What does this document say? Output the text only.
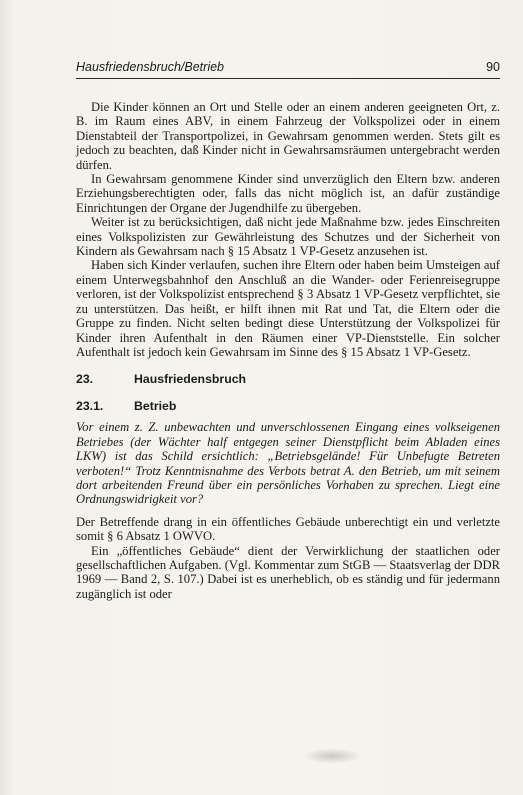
Hausfriedensbruch/Betrieb	90

Die Kinder können an Ort und Stelle oder an einem anderen geeigneten Ort, z. B. im Raum eines ABV, in einem Fahrzeug der Volkspolizei oder in einem Dienstabteil der Transportpolizei, in Gewahrsam genommen werden. Stets gilt es jedoch zu beachten, daß Kinder nicht in Gewahrsamsräumen untergebracht werden dürfen.

In Gewahrsam genommene Kinder sind unverzüglich den Eltern bzw. anderen Erziehungsberechtigten oder, falls das nicht möglich ist, an dafür zuständige Einrichtungen der Organe der Jugendhilfe zu übergeben.

Weiter ist zu berücksichtigen, daß nicht jede Maßnahme bzw. jedes Einschreiten eines Volkspolizisten zur Gewährleistung des Schutzes und der Sicherheit von Kindern als Gewahrsam nach § 15 Absatz 1 VP-Gesetz anzusehen ist.

Haben sich Kinder verlaufen, suchen ihre Eltern oder haben beim Umsteigen auf einem Unterwegsbahnhof den Anschluß an die Wander- oder Ferienreisegruppe verloren, ist der Volkspolizist entsprechend § 3 Absatz 1 VP-Gesetz verpflichtet, sie zu unterstützen. Das heißt, er hilft ihnen mit Rat und Tat, die Eltern oder die Gruppe zu finden. Nicht selten bedingt diese Unterstützung der Volkspolizei für Kinder ihren Aufenthalt in den Räumen einer VP-Dienststelle. Ein solcher Aufenthalt ist jedoch kein Gewahrsam im Sinne des § 15 Absatz 1 VP-Gesetz.

23.	Hausfriedensbruch
23.1. Betrieb

Vor einem z. Z. unbewachten und unverschlossenen Eingang eines volkseigenen Betriebes (der Wächter half entgegen seiner Dienstpflicht beim Abladen eines LKW) ist das Schild ersichtlich: „Betriebsgelände! Für Unbefugte Betreten verboten!“ Trotz Kenntnisnahme des Verbots betrat A. den Betrieb, um mit seinem dort arbeitenden Freund über ein persönliches Vorhaben zu sprechen. Liegt eine Ordnungswidrigkeit vor?

Der Betreffende drang in ein öffentliches Gebäude unberechtigt ein und verletzte somit § 6 Absatz 1 OWVO.

Ein „öffentliches Gebäude“ dient der Verwirklichung der staatlichen oder gesellschaftlichen Aufgaben. (Vgl. Kommentar zum StGB — Staatsverlag der DDR 1969 — Band 2, S. 107.) Dabei ist es unerheblich, ob es ständig und für jedermann zugänglich ist oder
